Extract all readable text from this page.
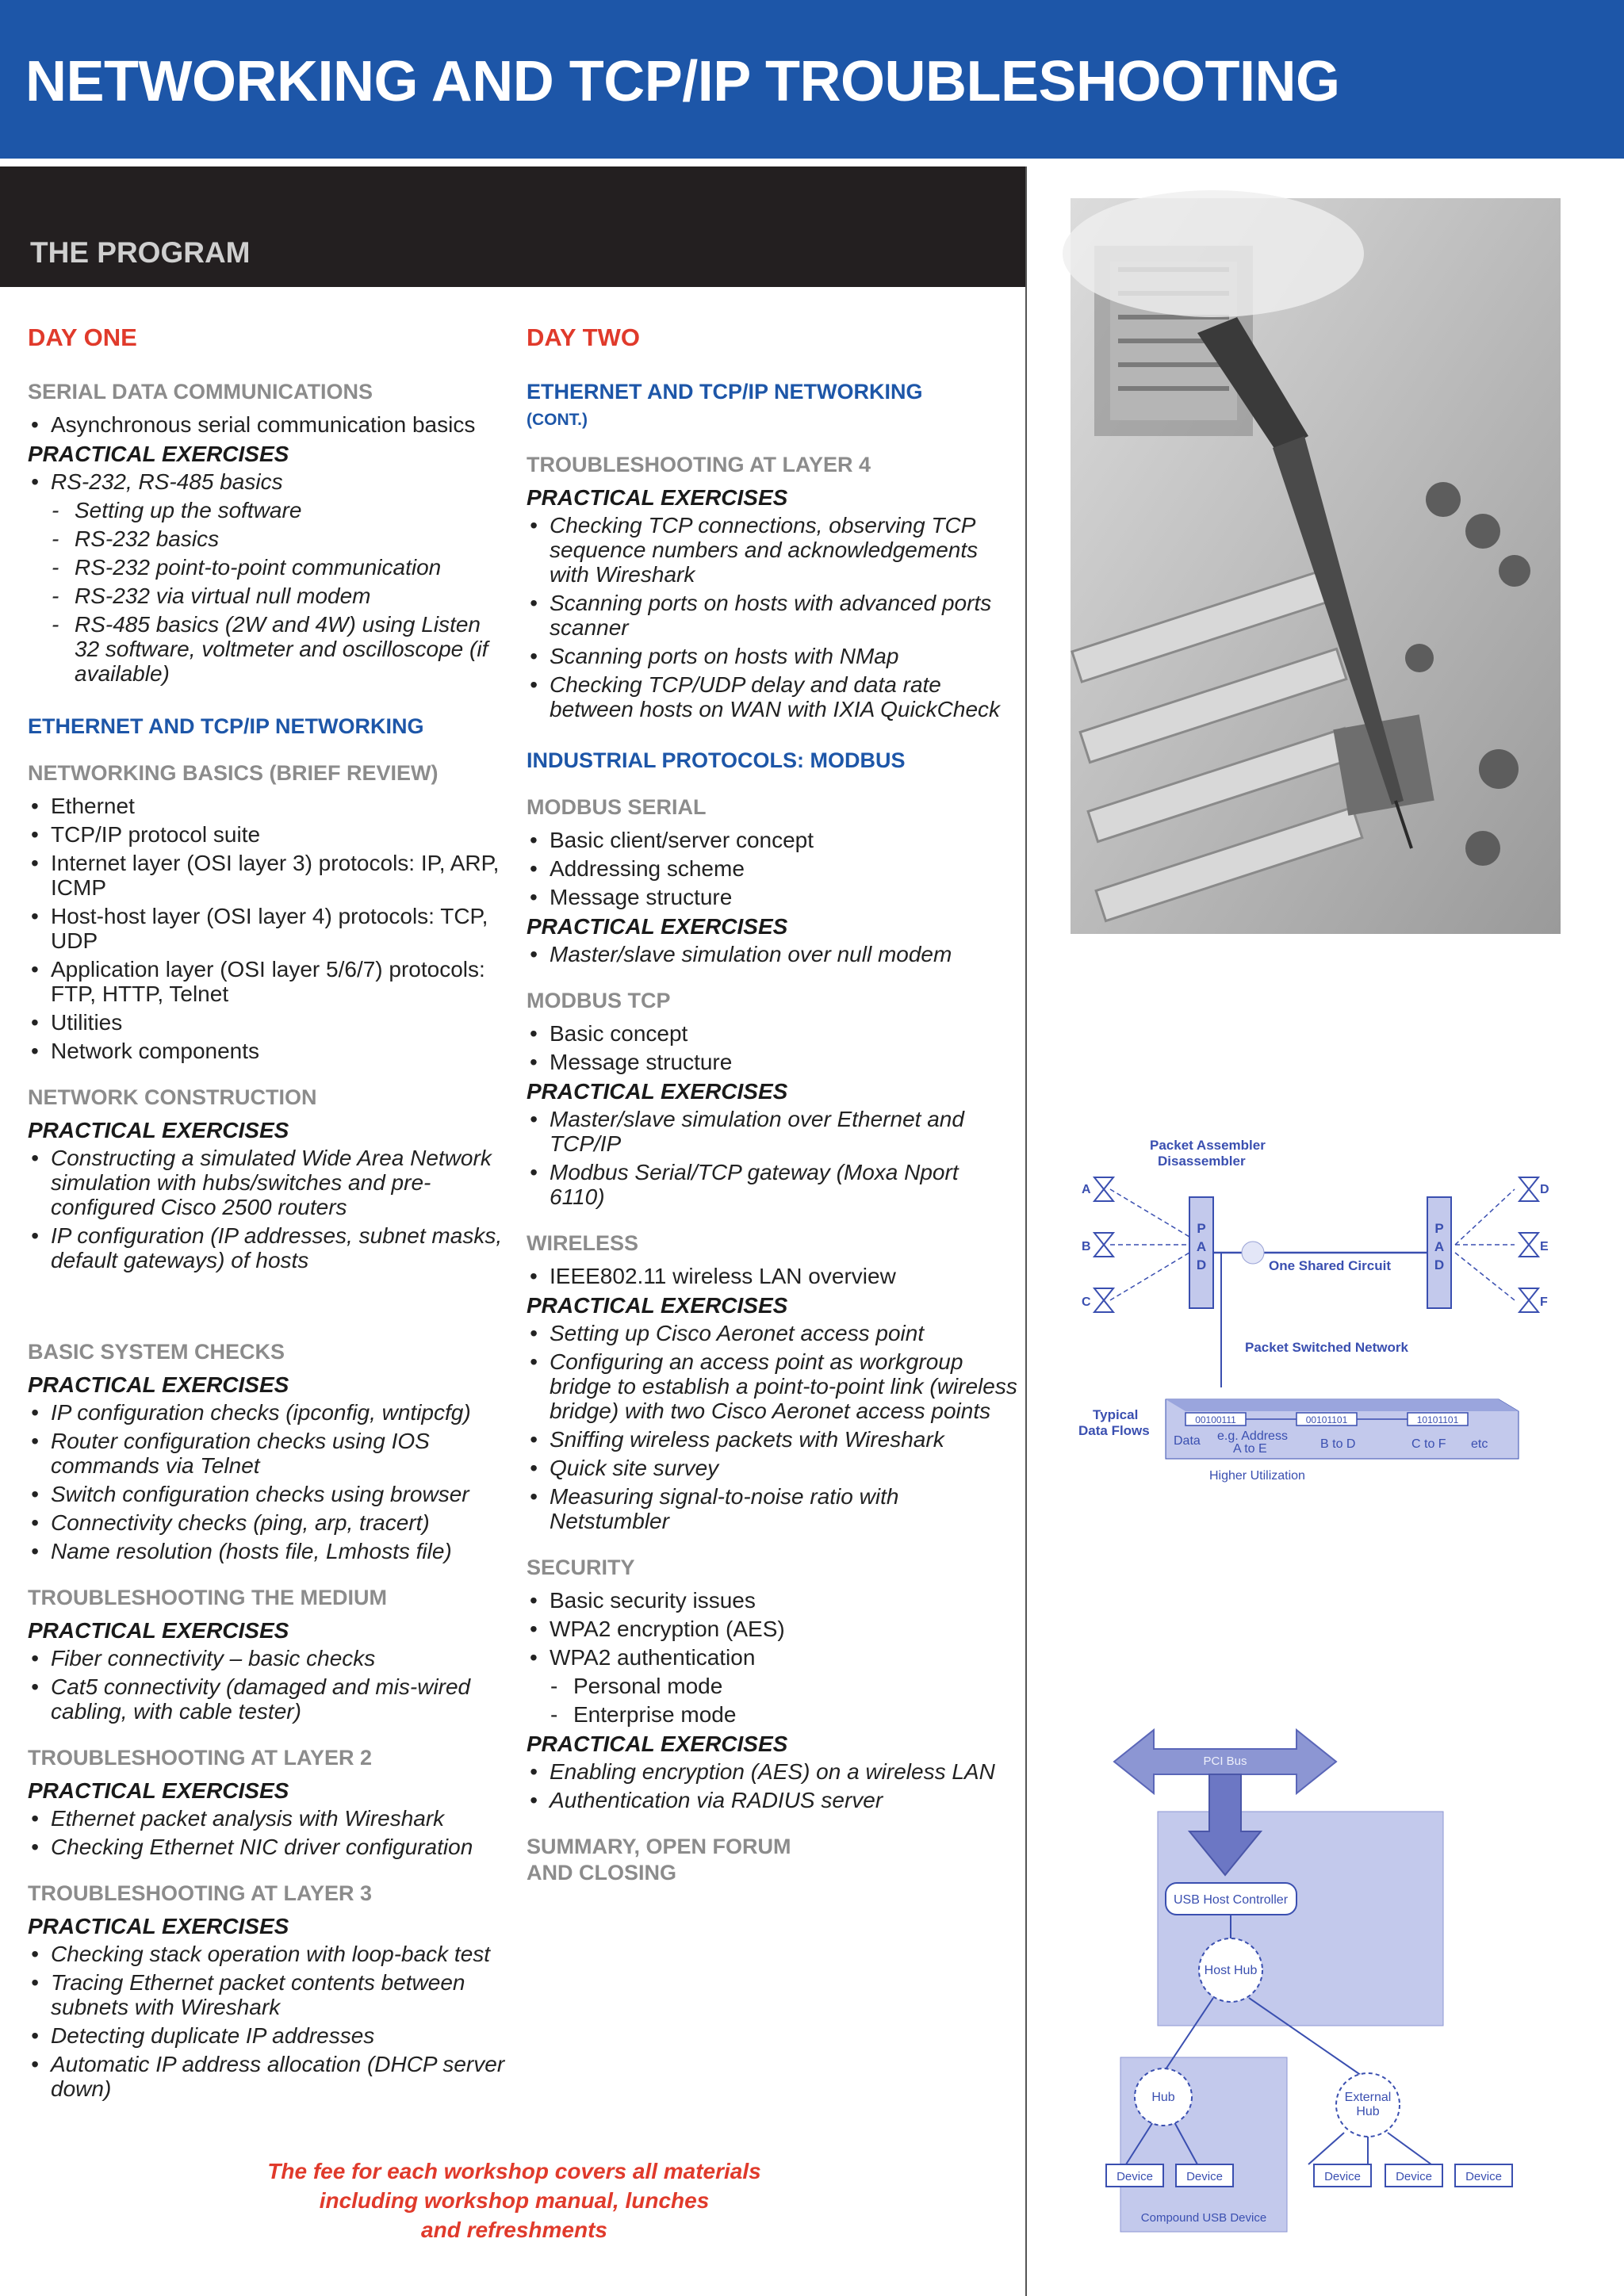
NETWORKING AND TCP/IP TROUBLESHOOTING
THE PROGRAM
DAY ONE
SERIAL DATA COMMUNICATIONS
• Asynchronous serial communication basics
PRACTICAL EXERCISES
• RS-232, RS-485 basics
- Setting up the software
- RS-232 basics
- RS-232 point-to-point communication
- RS-232 via virtual null modem
- RS-485 basics (2W and 4W) using Listen 32 software, voltmeter and oscilloscope (if available)
ETHERNET AND TCP/IP NETWORKING
NETWORKING BASICS (BRIEF REVIEW)
• Ethernet
• TCP/IP protocol suite
• Internet layer (OSI layer 3) protocols: IP, ARP, ICMP
• Host-host layer (OSI layer 4) protocols: TCP, UDP
• Application layer (OSI layer 5/6/7) protocols: FTP, HTTP, Telnet
• Utilities
• Network components
NETWORK CONSTRUCTION
PRACTICAL EXERCISES
• Constructing a simulated Wide Area Network simulation with hubs/switches and pre-configured Cisco 2500 routers
• IP configuration (IP addresses, subnet masks, default gateways) of hosts
BASIC SYSTEM CHECKS
PRACTICAL EXERCISES
• IP configuration checks (ipconfig, wntipcfg)
• Router configuration checks using IOS commands via Telnet
• Switch configuration checks using browser
• Connectivity checks (ping, arp, tracert)
• Name resolution (hosts file, Lmhosts file)
TROUBLESHOOTING THE MEDIUM
PRACTICAL EXERCISES
• Fiber connectivity – basic checks
• Cat5 connectivity (damaged and mis-wired cabling, with cable tester)
TROUBLESHOOTING AT LAYER 2
PRACTICAL EXERCISES
• Ethernet packet analysis with Wireshark
• Checking Ethernet NIC driver configuration
TROUBLESHOOTING AT LAYER 3
PRACTICAL EXERCISES
• Checking stack operation with loop-back test
• Tracing Ethernet packet contents between subnets with Wireshark
• Detecting duplicate IP addresses
• Automatic IP address allocation (DHCP server down)
DAY TWO
ETHERNET AND TCP/IP NETWORKING
(CONT.)
TROUBLESHOOTING AT LAYER 4
PRACTICAL EXERCISES
• Checking TCP connections, observing TCP sequence numbers and acknowledgements with Wireshark
• Scanning ports on hosts with advanced ports scanner
• Scanning ports on hosts with NMap
• Checking TCP/UDP delay and data rate between hosts on WAN with IXIA QuickCheck
INDUSTRIAL PROTOCOLS: MODBUS
MODBUS SERIAL
• Basic client/server concept
• Addressing scheme
• Message structure
PRACTICAL EXERCISES
• Master/slave simulation over null modem
MODBUS TCP
• Basic concept
• Message structure
PRACTICAL EXERCISES
• Master/slave simulation over Ethernet and TCP/IP
• Modbus Serial/TCP gateway (Moxa Nport 6110)
WIRELESS
• IEEE802.11 wireless LAN overview
PRACTICAL EXERCISES
• Setting up Cisco Aeronet access point
• Configuring an access point as workgroup bridge to establish a point-to-point link (wireless bridge) with two Cisco Aeronet access points
• Sniffing wireless packets with Wireshark
• Quick site survey
• Measuring signal-to-noise ratio with Netstumbler
SECURITY
• Basic security issues
• WPA2 encryption (AES)
• WPA2 authentication
- Personal mode
- Enterprise mode
PRACTICAL EXERCISES
• Enabling encryption (AES) on a wireless LAN
• Authentication via RADIUS server
SUMMARY, OPEN FORUM
AND CLOSING
The fee for each workshop covers all materials
including workshop manual, lunches
and refreshments
A
B
C
D
E
F
P
A
D
P
A
D
Packet Assembler
Disassembler
One Shared Circuit
Packet Switched Network
Typical
Data Flows
00100111	00101101	10101101
Data e.g. Address
A to E	B to D	C to F etc
Higher Utilization
PCI Bus
USB Host Controller
Host Hub
Hub	External
Hub
Device	Device	Device	Device	Device
Compound USB Device
